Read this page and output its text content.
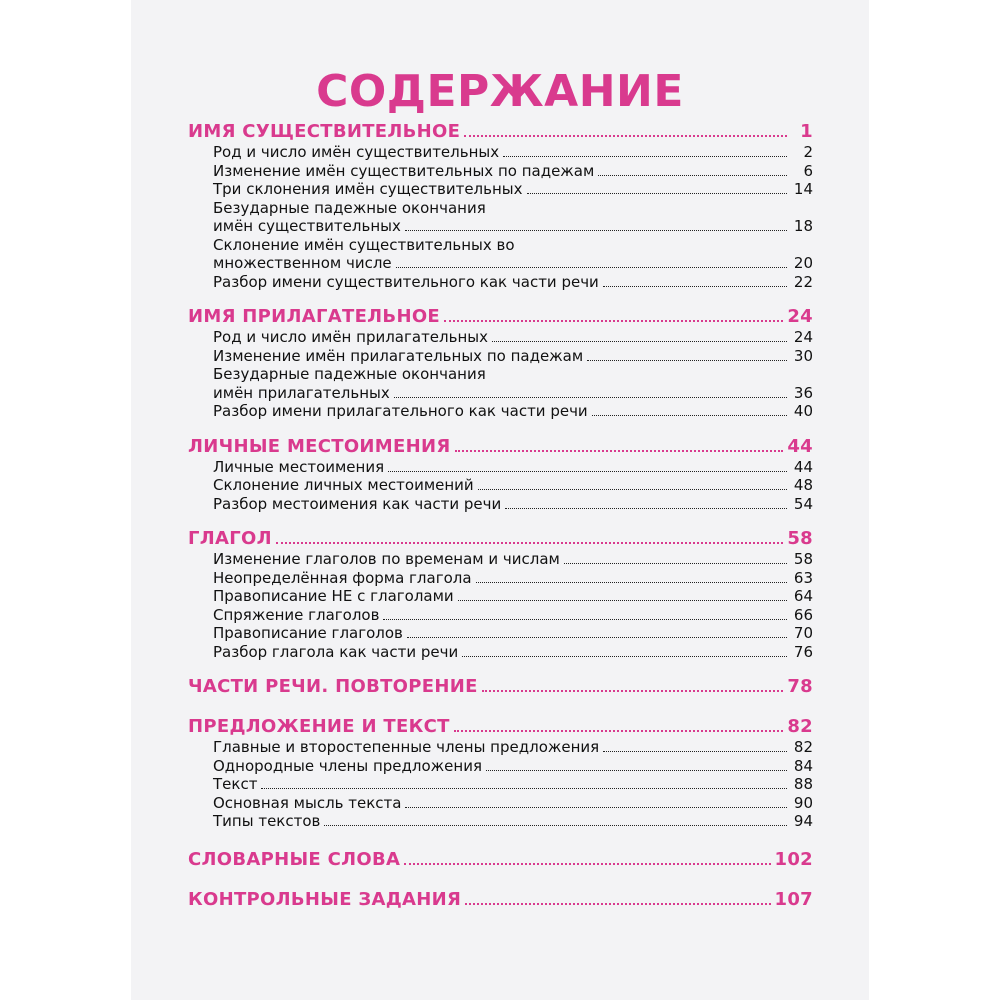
СОДЕРЖАНИЕ
ИМЯ СУЩЕСТВИТЕЛЬНОЕ	1
Род и число имён существительных	2
Изменение имён существительных по падежам	6
Три склонения имён существительных	14
Безударные падежные окончания
имён существительных	18
Склонение имён существительных во
множественном числе	20
Разбор имени существительного как части речи	22
ИМЯ ПРИЛАГАТЕЛЬНОЕ	24
Род и число имён прилагательных	24
Изменение имён прилагательных по падежам	30
Безударные падежные окончания
имён прилагательных	36
Разбор имени прилагательного как части речи	40
ЛИЧНЫЕ МЕСТОИМЕНИЯ	44
Личные местоимения	44
Склонение личных местоимений	48
Разбор местоимения как части речи	54
ГЛАГОЛ	58
Изменение глаголов по временам и числам	58
Неопределённая форма глагола	63
Правописание НЕ с глаголами	64
Спряжение глаголов	66
Правописание глаголов	70
Разбор глагола как части речи	76
ЧАСТИ РЕЧИ. ПОВТОРЕНИЕ	78
ПРЕДЛОЖЕНИЕ И ТЕКСТ	82
Главные и второстепенные члены предложения	82
Однородные члены предложения	84
Текст	88
Основная мысль текста	90
Типы текстов	94
СЛОВАРНЫЕ СЛОВА	102
КОНТРОЛЬНЫЕ ЗАДАНИЯ	107
